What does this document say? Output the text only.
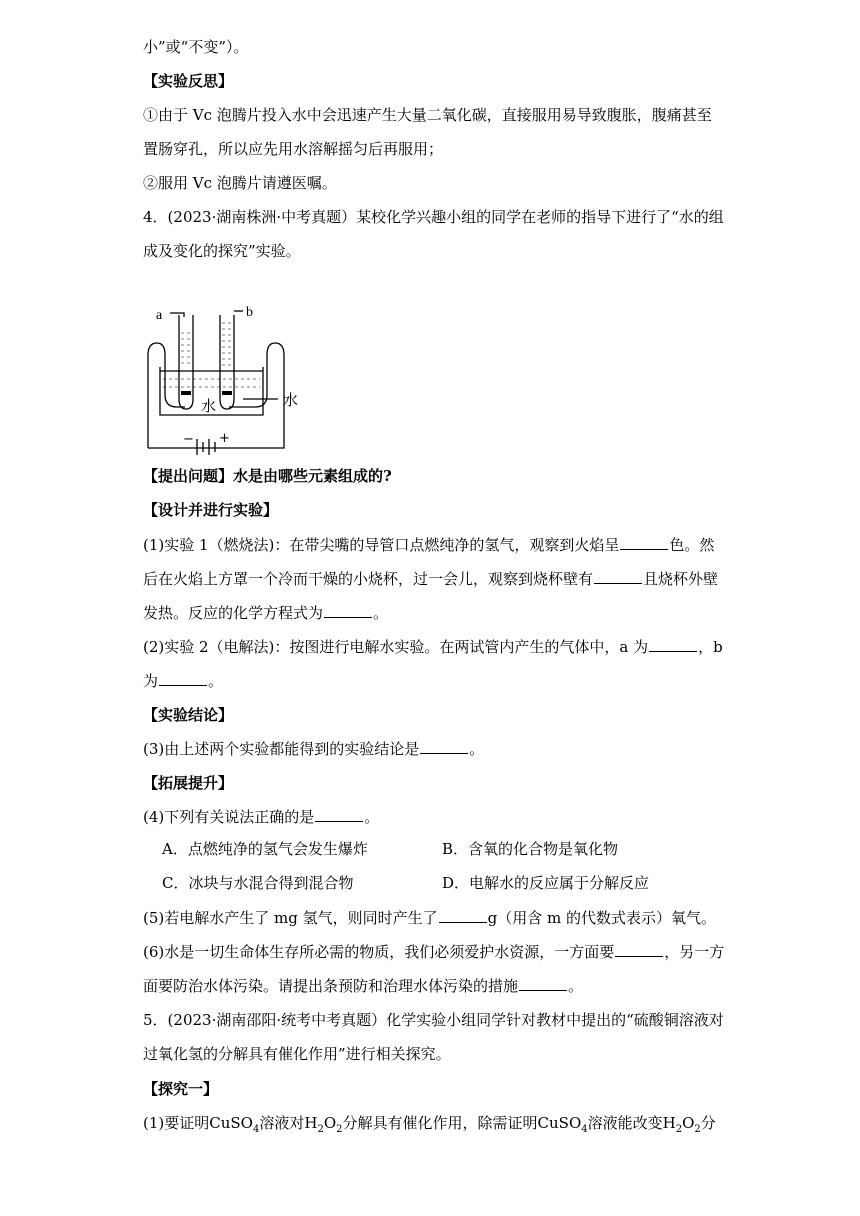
小”或“不变”）。
【实验反思】
①由于 Vc 泡腾片投入水中会迅速产生大量二氧化碳，直接服用易导致腹胀，腹痛甚至
置肠穿孔，所以应先用水溶解摇匀后再服用；
②服用 Vc 泡腾片请遵医嘱。
4．(2023·湖南株洲·中考真题）某校化学兴趣小组的同学在老师的指导下进行了“水的组
成及变化的探究”实验。
a	b
水	水
− +
【提出问题】水是由哪些元素组成的?
【设计并进行实验】
(1)实验 1（燃烧法)：在带尖嘴的导管口点燃纯净的氢气，观察到火焰呈	色。然
后在火焰上方罩一个冷而干燥的小烧杯，过一会儿，观察到烧杯壁有	且烧杯外壁
发热。反应的化学方程式为	。
(2)实验 2（电解法)：按图进行电解水实验。在两试管内产生的气体中，a 为	，b
为	。
【实验结论】
(3)由上述两个实验都能得到的实验结论是	。
【拓展提升】
(4)下列有关说法正确的是	。
A．点燃纯净的氢气会发生爆炸	B．含氧的化合物是氧化物
C．冰块与水混合得到混合物	D．电解水的反应属于分解反应
(5)若电解水产生了 mg 氢气，则同时产生了	g（用含 m 的代数式表示）氧气。
(6)水是一切生命体生存所必需的物质，我们必须爱护水资源，一方面要	，另一方
面要防治水体污染。请提出条预防和治理水体污染的措施	。
5．(2023·湖南邵阳·统考中考真题）化学实验小组同学针对教材中提出的“硫酸铜溶液对
过氧化氢的分解具有催化作用”进行相关探究。
【探究一】
(1)要证明CuSO$_4$溶液对$H_2O_2$分解具有催化作用，除需证明CuSO$_4$溶液能改变$H_2O_2$分
